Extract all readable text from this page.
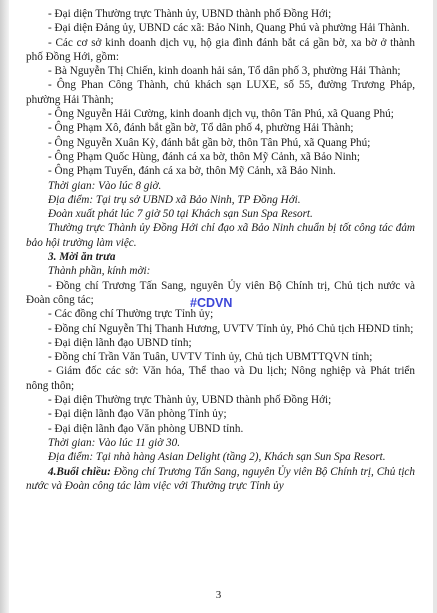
- Đại diện Thường trực Thành ủy, UBND thành phố Đồng Hới;

- Đại diện Đảng ủy, UBND các xã: Bảo Ninh, Quang Phú và phường Hải Thành.

- Các cơ sở kinh doanh dịch vụ, hộ gia đình đánh bắt cá gần bờ, xa bờ ở thành phố Đồng Hới, gồm:

- Bà Nguyễn Thị Chiến, kinh doanh hải sản, Tổ dân phố 3, phường Hải Thành;

- Ông Phan Công Thành, chủ khách sạn LUXE, số 55, đường Trương Pháp, phường Hải Thành;

- Ông Nguyễn Hải Cường, kinh doanh dịch vụ, thôn Tân Phú, xã Quang Phú;

- Ông Phạm Xô, đánh bắt gần bờ, Tổ dân phố 4, phường Hải Thành;

- Ông Nguyễn Xuân Kỳ, đánh bắt gần bờ, thôn Tân Phú, xã Quang Phú;

- Ông Phạm Quốc Hùng, đánh cá xa bờ, thôn Mỹ Cảnh, xã Bảo Ninh;

- Ông Phạm Tuyến, đánh cá xa bờ, thôn Mỹ Cảnh, xã Bảo Ninh.

Thời gian: Vào lúc 8 giờ.

Địa điểm: Tại trụ sở UBND xã Bảo Ninh, TP Đồng Hới.

Đoàn xuất phát lúc 7 giờ 50 tại Khách sạn Sun Spa Resort.

Thường trực Thành ủy Đồng Hới chỉ đạo xã Bảo Ninh chuẩn bị tốt công tác đảm bảo hội trường làm việc.

3. Mời ăn trưa

Thành phần, kính mời:

- Đồng chí Trương Tấn Sang, nguyên Ủy viên Bộ Chính trị, Chủ tịch nước và Đoàn công tác;

- Các đồng chí Thường trực Tỉnh ủy;

- Đồng chí Nguyễn Thị Thanh Hương, UVTV Tỉnh ủy, Phó Chủ tịch HĐND tỉnh;

- Đại diện lãnh đạo UBND tỉnh;

- Đồng chí Trần Văn Tuân, UVTV Tỉnh ủy, Chủ tịch UBMTTQVN tỉnh;

- Giám đốc các sở: Văn hóa, Thể thao và Du lịch; Nông nghiệp và Phát triển nông thôn;

- Đại diện Thường trực Thành ủy, UBND thành phố Đồng Hới;

- Đại diện lãnh đạo Văn phòng Tỉnh ủy;

- Đại diện lãnh đạo Văn phòng UBND tỉnh.

Thời gian: Vào lúc 11 giờ 30.

Địa điểm: Tại nhà hàng Asian Delight (tầng 2), Khách sạn Sun Spa Resort.

4.Buổi chiều: Đồng chí Trương Tấn Sang, nguyên Ủy viên Bộ Chính trị, Chủ tịch nước và Đoàn công tác làm việc với Thường trực Tỉnh ủy

#CDVN
3
